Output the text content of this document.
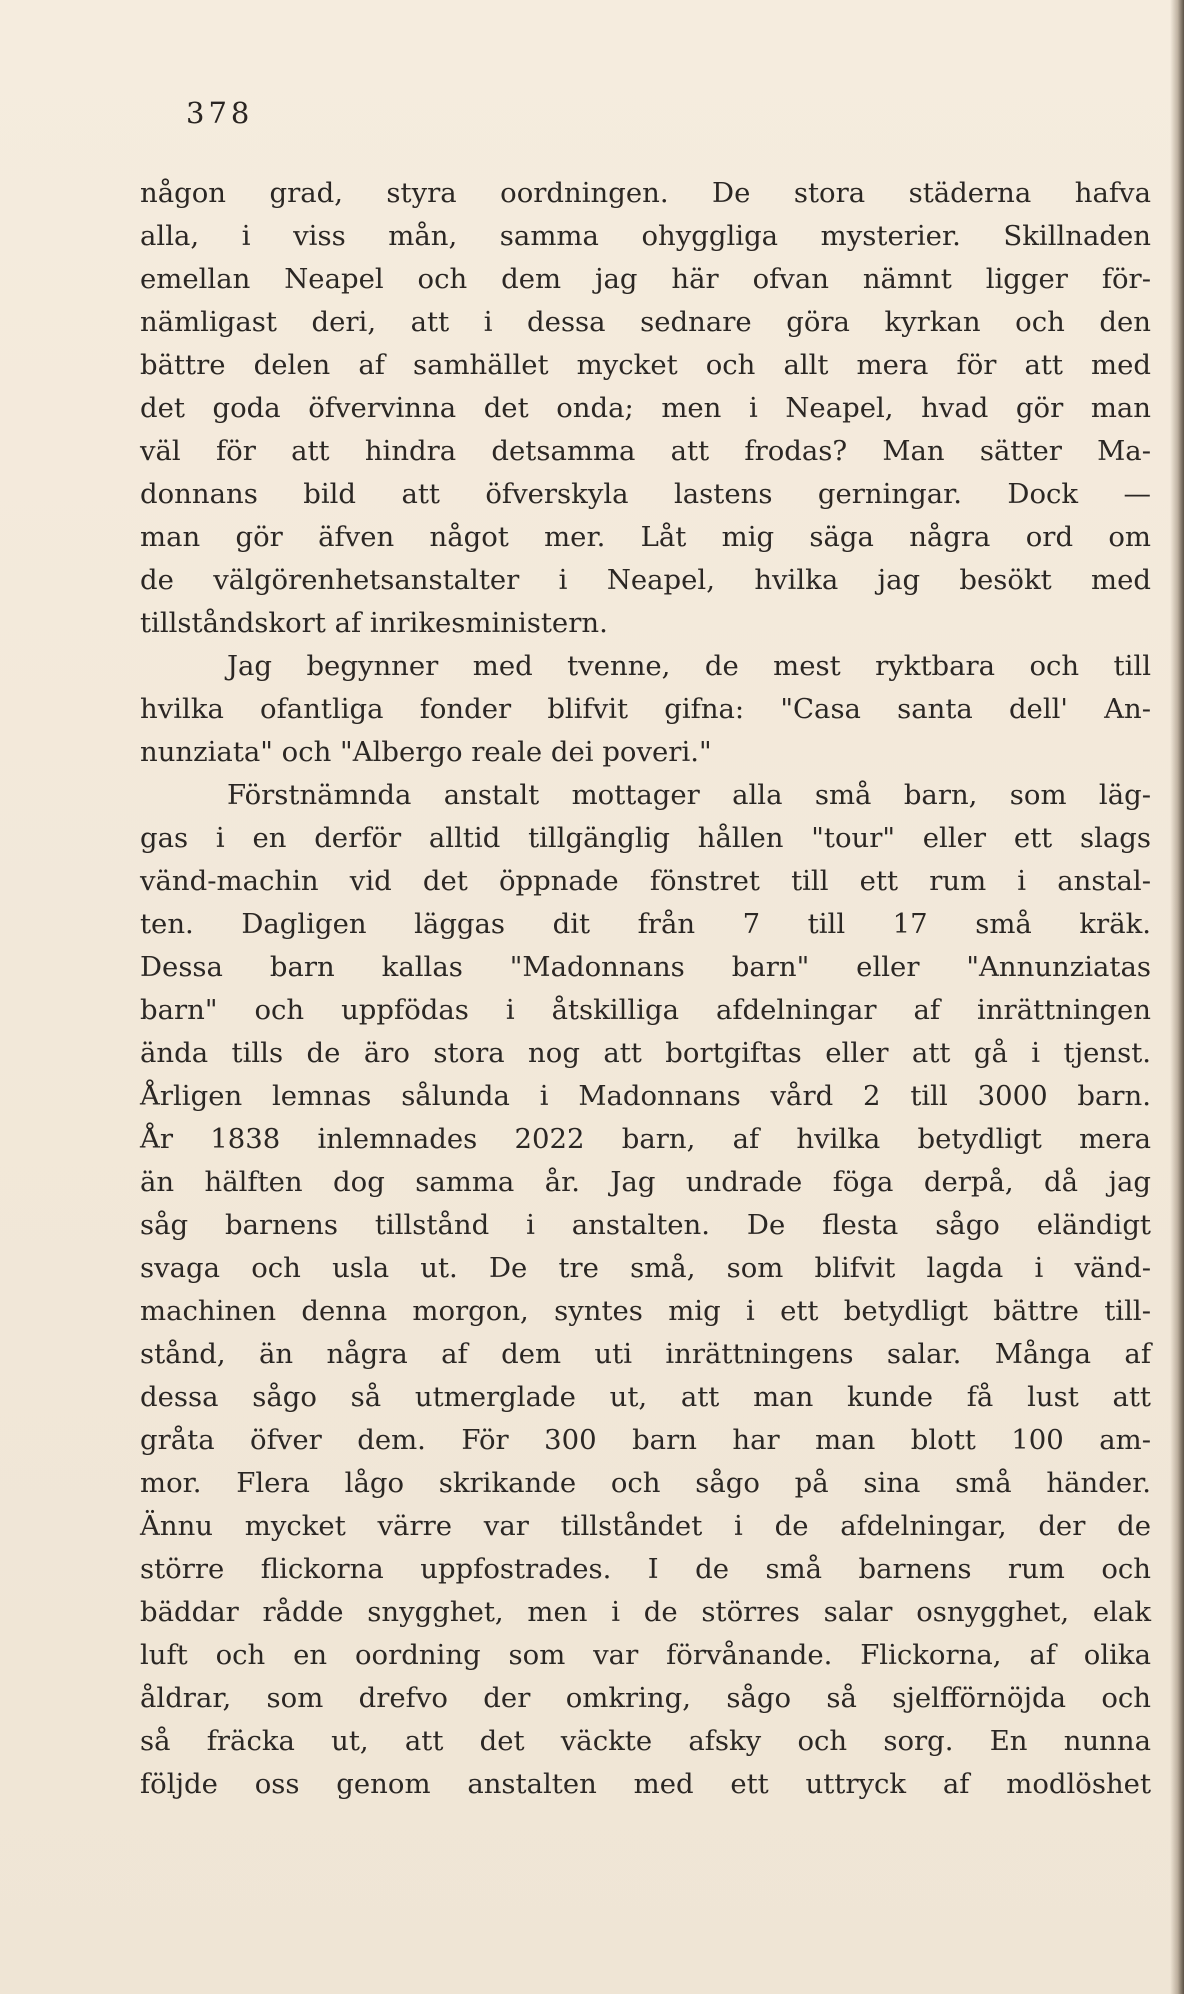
378
någon grad, styra oordningen. De stora städerna hafva
alla, i viss mån, samma ohyggliga mysterier. Skillnaden
emellan Neapel och dem jag här ofvan nämnt ligger för-
nämligast deri, att i dessa sednare göra kyrkan och den
bättre delen af samhället mycket och allt mera för att med
det goda öfvervinna det onda; men i Neapel, hvad gör man
väl för att hindra detsamma att frodas? Man sätter Ma-
donnans bild att öfverskyla lastens gerningar. Dock —
man gör äfven något mer. Låt mig säga några ord om
de välgörenhetsanstalter i Neapel, hvilka jag besökt med
tillståndskort af inrikesministern.
Jag begynner med tvenne, de mest ryktbara och till
hvilka ofantliga fonder blifvit gifna: "Casa santa dell' An-
nunziata" och "Albergo reale dei poveri."
Förstnämnda anstalt mottager alla små barn, som läg-
gas i en derför alltid tillgänglig hållen "tour" eller ett slags
vänd-machin vid det öppnade fönstret till ett rum i anstal-
ten. Dagligen läggas dit från 7 till 17 små kräk.
Dessa barn kallas "Madonnans barn" eller "Annunziatas
barn" och uppfödas i åtskilliga afdelningar af inrättningen
ända tills de äro stora nog att bortgiftas eller att gå i tjenst.
Årligen lemnas sålunda i Madonnans vård 2 till 3000 barn.
År 1838 inlemnades 2022 barn, af hvilka betydligt mera
än hälften dog samma år. Jag undrade föga derpå, då jag
såg barnens tillstånd i anstalten. De flesta sågo eländigt
svaga och usla ut. De tre små, som blifvit lagda i vänd-
machinen denna morgon, syntes mig i ett betydligt bättre till-
stånd, än några af dem uti inrättningens salar. Många af
dessa sågo så utmerglade ut, att man kunde få lust att
gråta öfver dem. För 300 barn har man blott 100 am-
mor. Flera lågo skrikande och sågo på sina små händer.
Ännu mycket värre var tillståndet i de afdelningar, der de
större flickorna uppfostrades. I de små barnens rum och
bäddar rådde snygghet, men i de störres salar osnygghet, elak
luft och en oordning som var förvånande. Flickorna, af olika
åldrar, som drefvo der omkring, sågo så sjelfförnöjda och
så fräcka ut, att det väckte afsky och sorg. En nunna
följde oss genom anstalten med ett uttryck af modlöshet
